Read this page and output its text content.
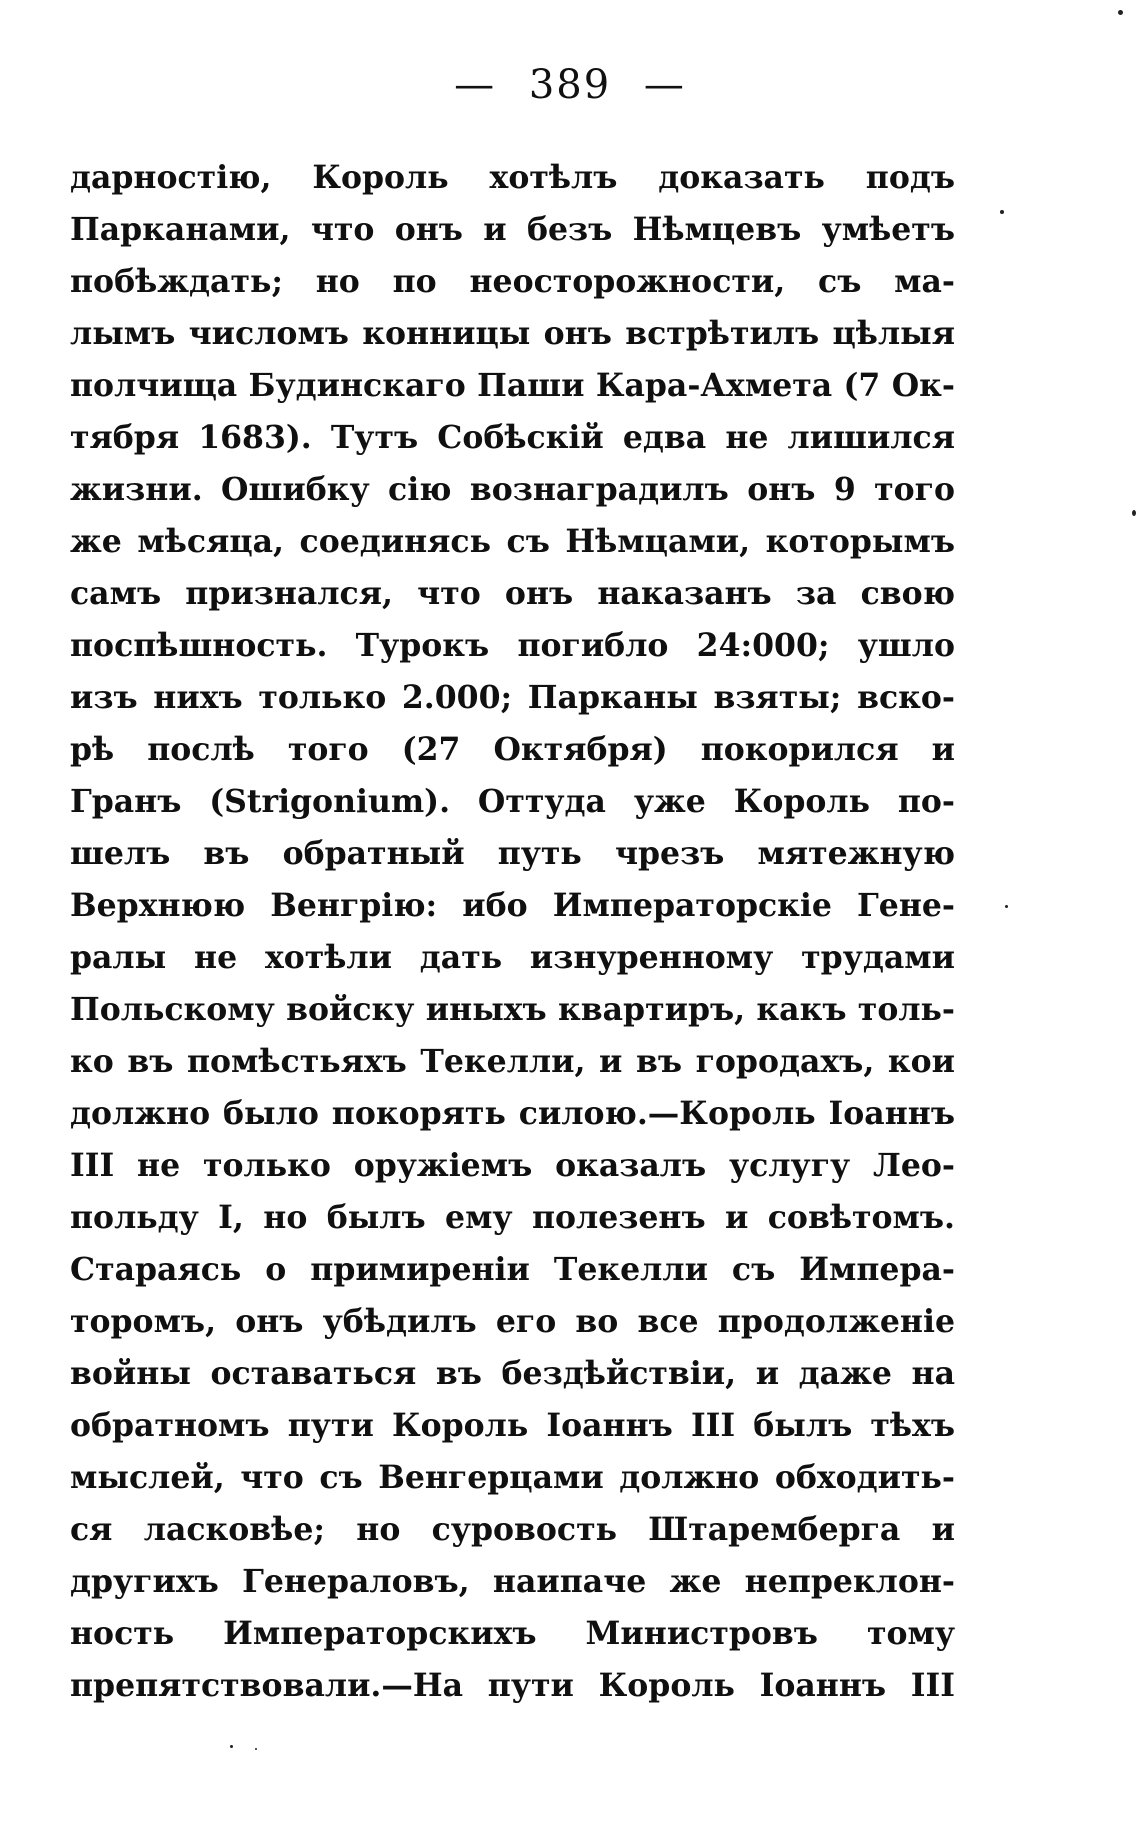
— 389 —
дарностію, Король хотѣлъ доказать подъ
Парканами, что онъ и безъ Нѣмцевъ умѣетъ
побѣждать; но по неосторожности, съ ма-
лымъ числомъ конницы онъ встрѣтилъ цѣлыя
полчища Будинскаго Паши Кара-Ахмета (7 Ок-
тября 1683). Тутъ Собѣскій едва не лишился
жизни. Ошибку сію вознаградилъ онъ 9 того
же мѣсяца, соединясь съ Нѣмцами, которымъ
самъ признался, что онъ наказанъ за свою
поспѣшность. Турокъ погибло 24:000; ушло
изъ нихъ только 2.000; Парканы взяты; вско-
рѣ послѣ того (27 Октября) покорился и
Гранъ (Strigonium). Оттуда уже Король по-
шелъ въ обратный путь чрезъ мятежную
Верхнюю Венгрію: ибо Императорскіе Гене-
ралы не хотѣли дать изнуренному трудами
Польскому войску иныхъ квартиръ, какъ толь-
ко въ помѣстьяхъ Текелли, и въ городахъ, кои
должно было покорять силою.—Король Іоаннъ
III не только оружіемъ оказалъ услугу Лео-
польду I, но былъ ему полезенъ и совѣтомъ.
Стараясь о примиреніи Текелли съ Импера-
торомъ, онъ убѣдилъ его во все продолженіе
войны оставаться въ бездѣйствіи, и даже на
обратномъ пути Король Іоаннъ III былъ тѣхъ
мыслей, что съ Венгерцами должно обходить-
ся ласковѣе; но суровость Штаремберга и
другихъ Генераловъ, наипаче же непреклон-
ность Императорскихъ Министровъ тому
препятствовали.—На пути Король Іоаннъ III
